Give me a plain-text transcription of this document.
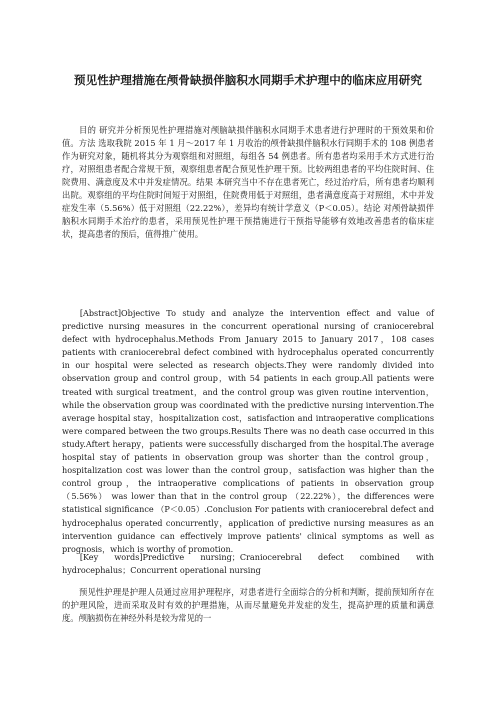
预见性护理措施在颅骨缺损伴脑积水同期手术护理中的临床应用研究

目的 研究并分析预见性护理措施对颅脑缺损伴脑积水同期手术患者进行护理时的干预效果和价值。方法 选取我院 2015 年 1 月～2017 年 1 月收治的颅骨缺损伴脑积水行同期手术的 108 例患者作为研究对象，随机将其分为观察组和对照组，每组各 54 例患者。所有患者均采用手术方式进行治疗，对照组患者配合常规干预，观察组患者配合预见性护理干预。比较两组患者的平均住院时间、住院费用、满意度及术中并发症情况。结果 本研究当中不存在患者死亡，经过治疗后，所有患者均顺利出院。观察组的平均住院时间短于对照组，住院费用低于对照组，患者满意度高于对照组，术中并发症发生率（5.56%）低于对照组（22.22%），差异均有统计学意义（P＜0.05）。结论 对颅骨缺损伴脑积水同期手术治疗的患者，采用预见性护理干预措施进行干预指导能够有效地改善患者的临床症状，提高患者的预后，值得推广使用。

[Abstract]Objective To study and analyze the intervention effect and value of predictive nursing measures in the concurrent operational nursing of craniocerebral defect with hydrocephalus.Methods From January 2015 to January 2017，108 cases patients with craniocerebral defect combined with hydrocephalus operated concurrently in our hospital were selected as research objects.They were randomly divided into observation group and control group，with 54 patients in each group.All patients were treated with surgical treatment，and the control group was given routine intervention，while the observation group was coordinated with the predictive nursing intervention.The average hospital stay，hospitalization cost，satisfaction and intraoperative complications were compared between the two groups.Results There was no death case occurred in this study.Aftert herapy，patients were successfully discharged from the hospital.The average hospital stay of patients in observation group was shorter than the control group，hospitalization cost was lower than the control group，satisfaction was higher than the control group，the intraoperative complications of patients in observation group （5.56%） was lower than that in the control group （22.22%），the differences were statistical significance （P＜0.05）.Conclusion For patients with craniocerebral defect and hydrocephalus operated concurrently，application of predictive nursing measures as an intervention guidance can effectively improve patients' clinical symptoms as well as prognosis，which is worthy of promotion.

[Key words]Predictive nursing；Craniocerebral defect combined with hydrocephalus；Concurrent operational nursing

预见性护理是护理人员通过应用护理程序，对患者进行全面综合的分析和判断，提前预知所存在的护理风险，进而采取及时有效的护理措施，从而尽量避免并发症的发生，提高护理的质量和满意度。颅脑损伤在神经外科是较为常见的一
